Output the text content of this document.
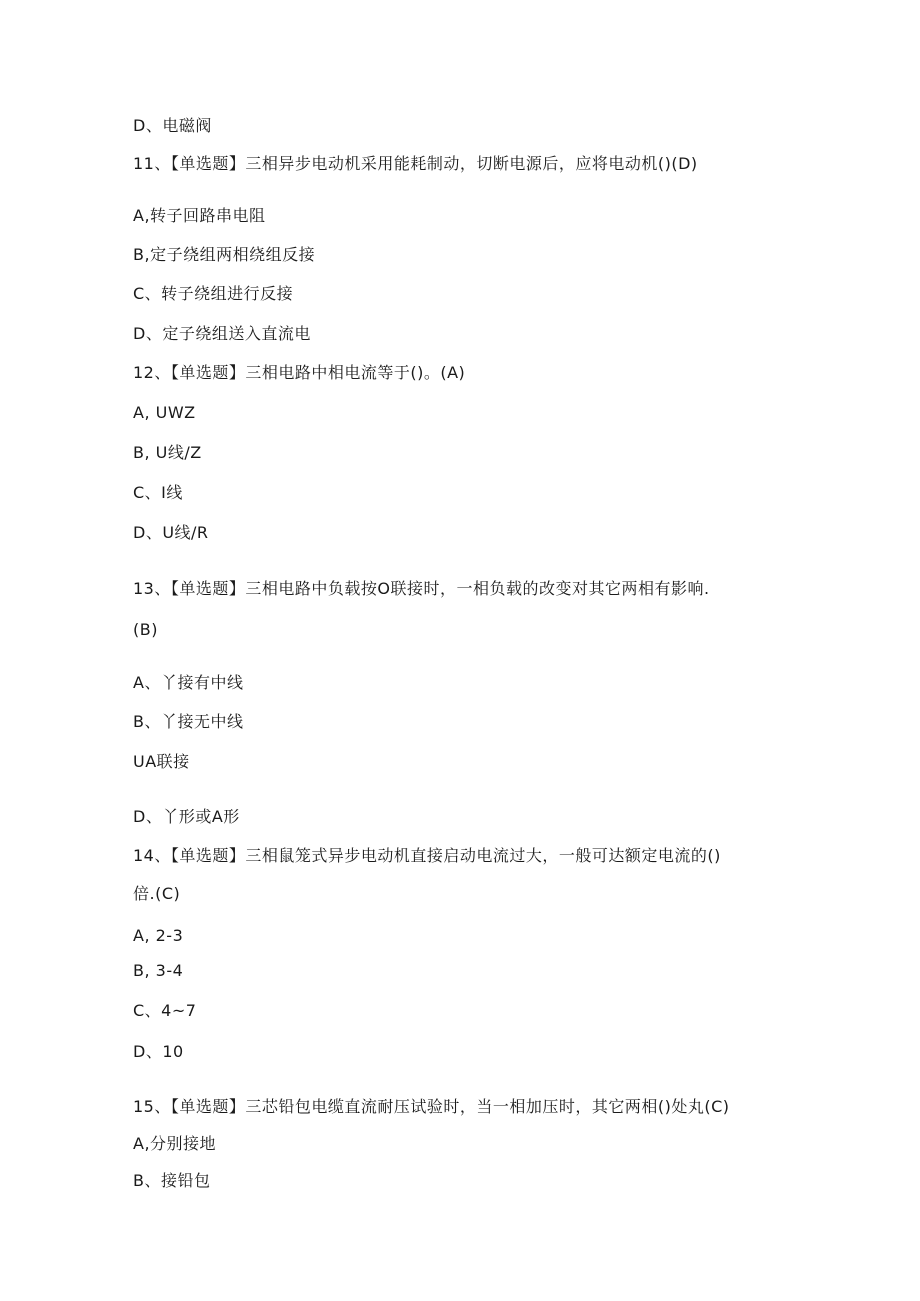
D、电磁阀
11、【单选题】三相异步电动机采用能耗制动，切断电源后，应将电动机()(D)
A,转子回路串电阻
B,定子绕组两相绕组反接
C、转子绕组进行反接
D、定子绕组送入直流电
12、【单选题】三相电路中相电流等于()。(A)
A, UWZ
B, U线/Z
C、I线
D、U线/R
13、【单选题】三相电路中负载按O联接时，一相负载的改变对其它两相有影响.
(B)
A、丫接有中线
B、丫接无中线
UA联接
D、丫形或A形
14、【单选题】三相鼠笼式异步电动机直接启动电流过大，一般可达额定电流的()
倍.(C)
A, 2-3
B, 3-4
C、4~7
D、10
15、【单选题】三芯铅包电缆直流耐压试验时，当一相加压时，其它两相()处丸(C)
A,分别接地
B、接铅包
